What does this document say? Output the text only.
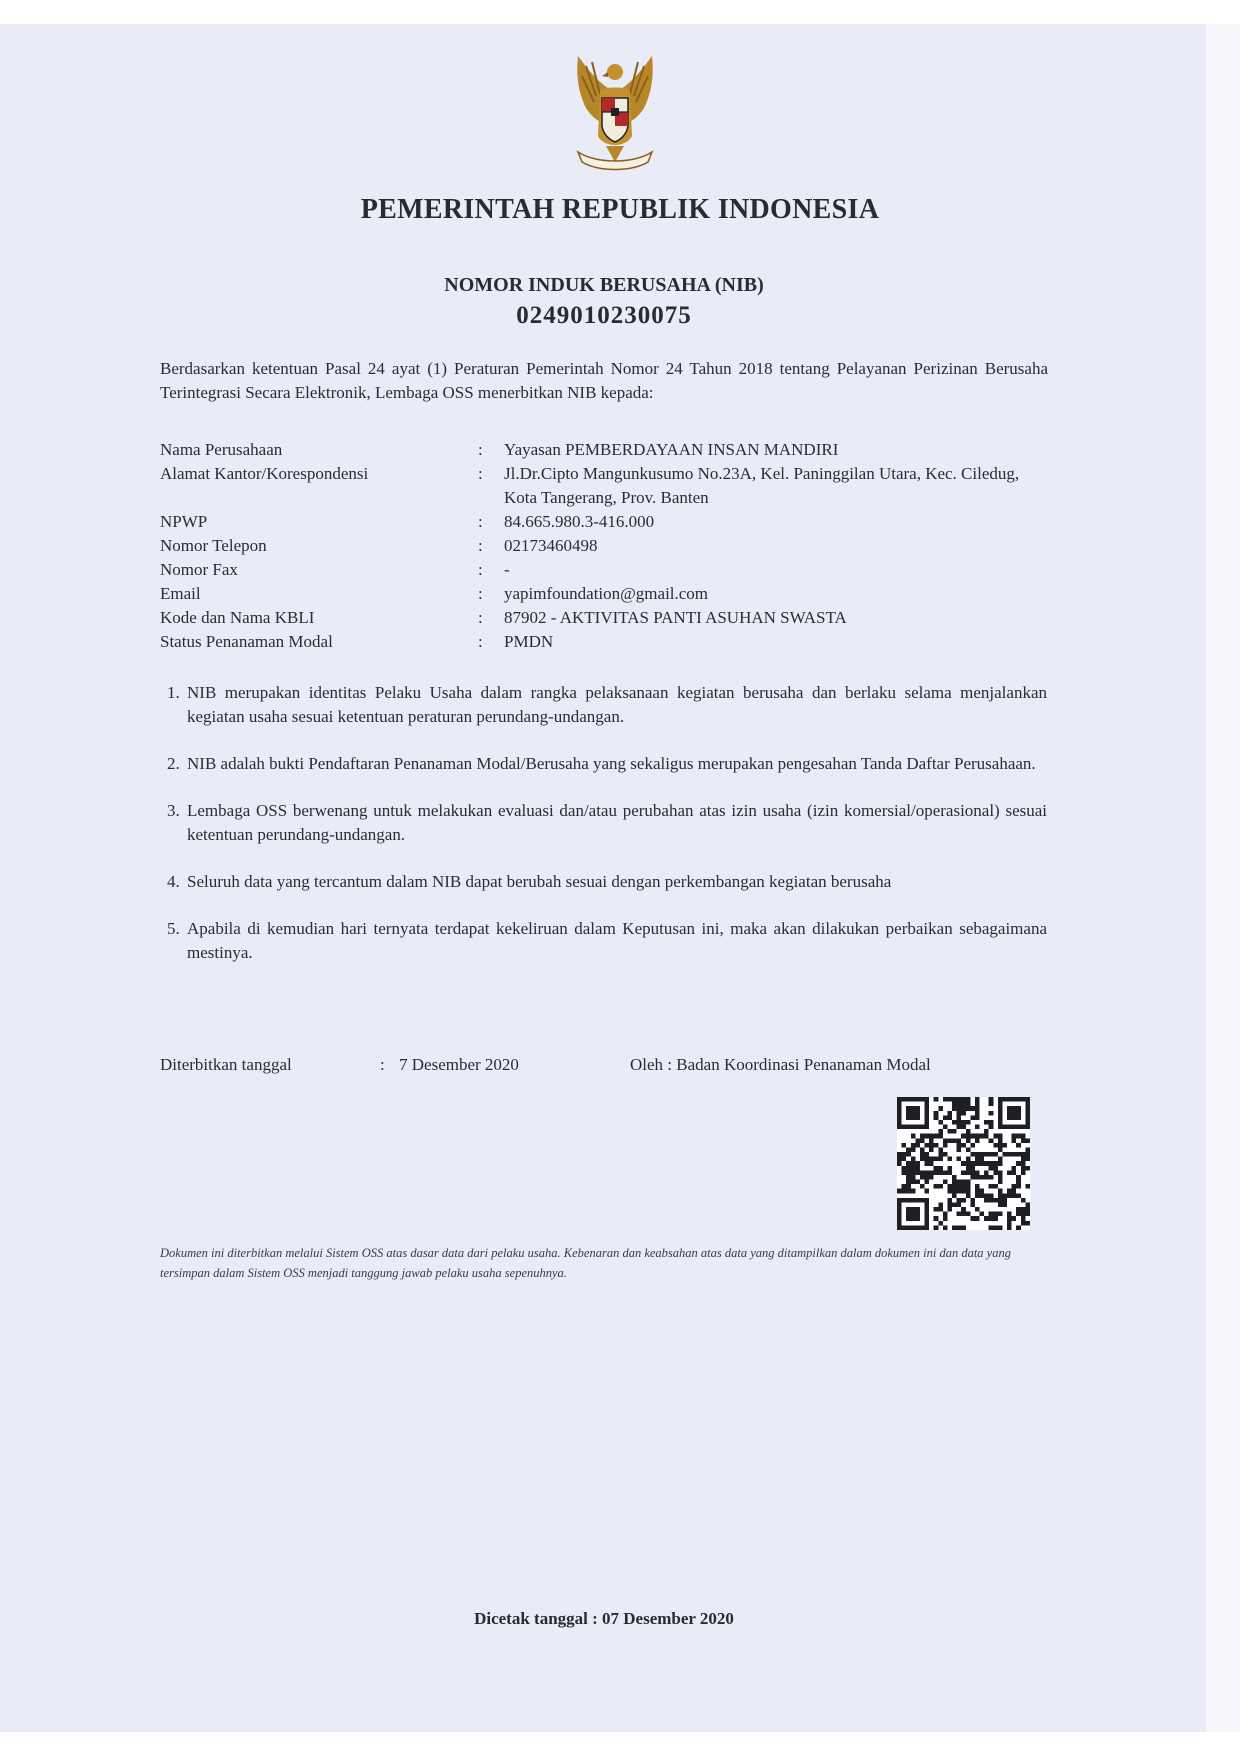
PEMERINTAH REPUBLIK INDONESIA
NOMOR INDUK BERUSAHA (NIB)
0249010230075
Berdasarkan ketentuan Pasal 24 ayat (1) Peraturan Pemerintah Nomor 24 Tahun 2018 tentang Pelayanan Perizinan Berusaha Terintegrasi Secara Elektronik, Lembaga OSS menerbitkan NIB kepada:
Nama Perusahaan	:	Yayasan PEMBERDAYAAN INSAN MANDIRI
Alamat Kantor/Korespondensi	:	Jl.Dr.Cipto Mangunkusumo No.23A, Kel. Paninggilan Utara, Kec. Ciledug, Kota Tangerang, Prov. Banten
NPWP	:	84.665.980.3-416.000
Nomor Telepon	:	02173460498
Nomor Fax	:	-
Email	:	yapimfoundation@gmail.com
Kode dan Nama KBLI	:	87902 - AKTIVITAS PANTI ASUHAN SWASTA
Status Penanaman Modal	:	PMDN
1. NIB merupakan identitas Pelaku Usaha dalam rangka pelaksanaan kegiatan berusaha dan berlaku selama menjalankan kegiatan usaha sesuai ketentuan peraturan perundang-undangan.
2. NIB adalah bukti Pendaftaran Penanaman Modal/Berusaha yang sekaligus merupakan pengesahan Tanda Daftar Perusahaan.
3. Lembaga OSS berwenang untuk melakukan evaluasi dan/atau perubahan atas izin usaha (izin komersial/operasional) sesuai ketentuan perundang-undangan.
4. Seluruh data yang tercantum dalam NIB dapat berubah sesuai dengan perkembangan kegiatan berusaha
5. Apabila di kemudian hari ternyata terdapat kekeliruan dalam Keputusan ini, maka akan dilakukan perbaikan sebagaimana mestinya.
Diterbitkan tanggal	: 7 Desember 2020	Oleh : Badan Koordinasi Penanaman Modal
Dokumen ini diterbitkan melalui Sistem OSS atas dasar data dari pelaku usaha. Kebenaran dan keabsahan atas data yang ditampilkan dalam dokumen ini dan data yang tersimpan dalam Sistem OSS menjadi tanggung jawab pelaku usaha sepenuhnya.
Dicetak tanggal : 07 Desember 2020
